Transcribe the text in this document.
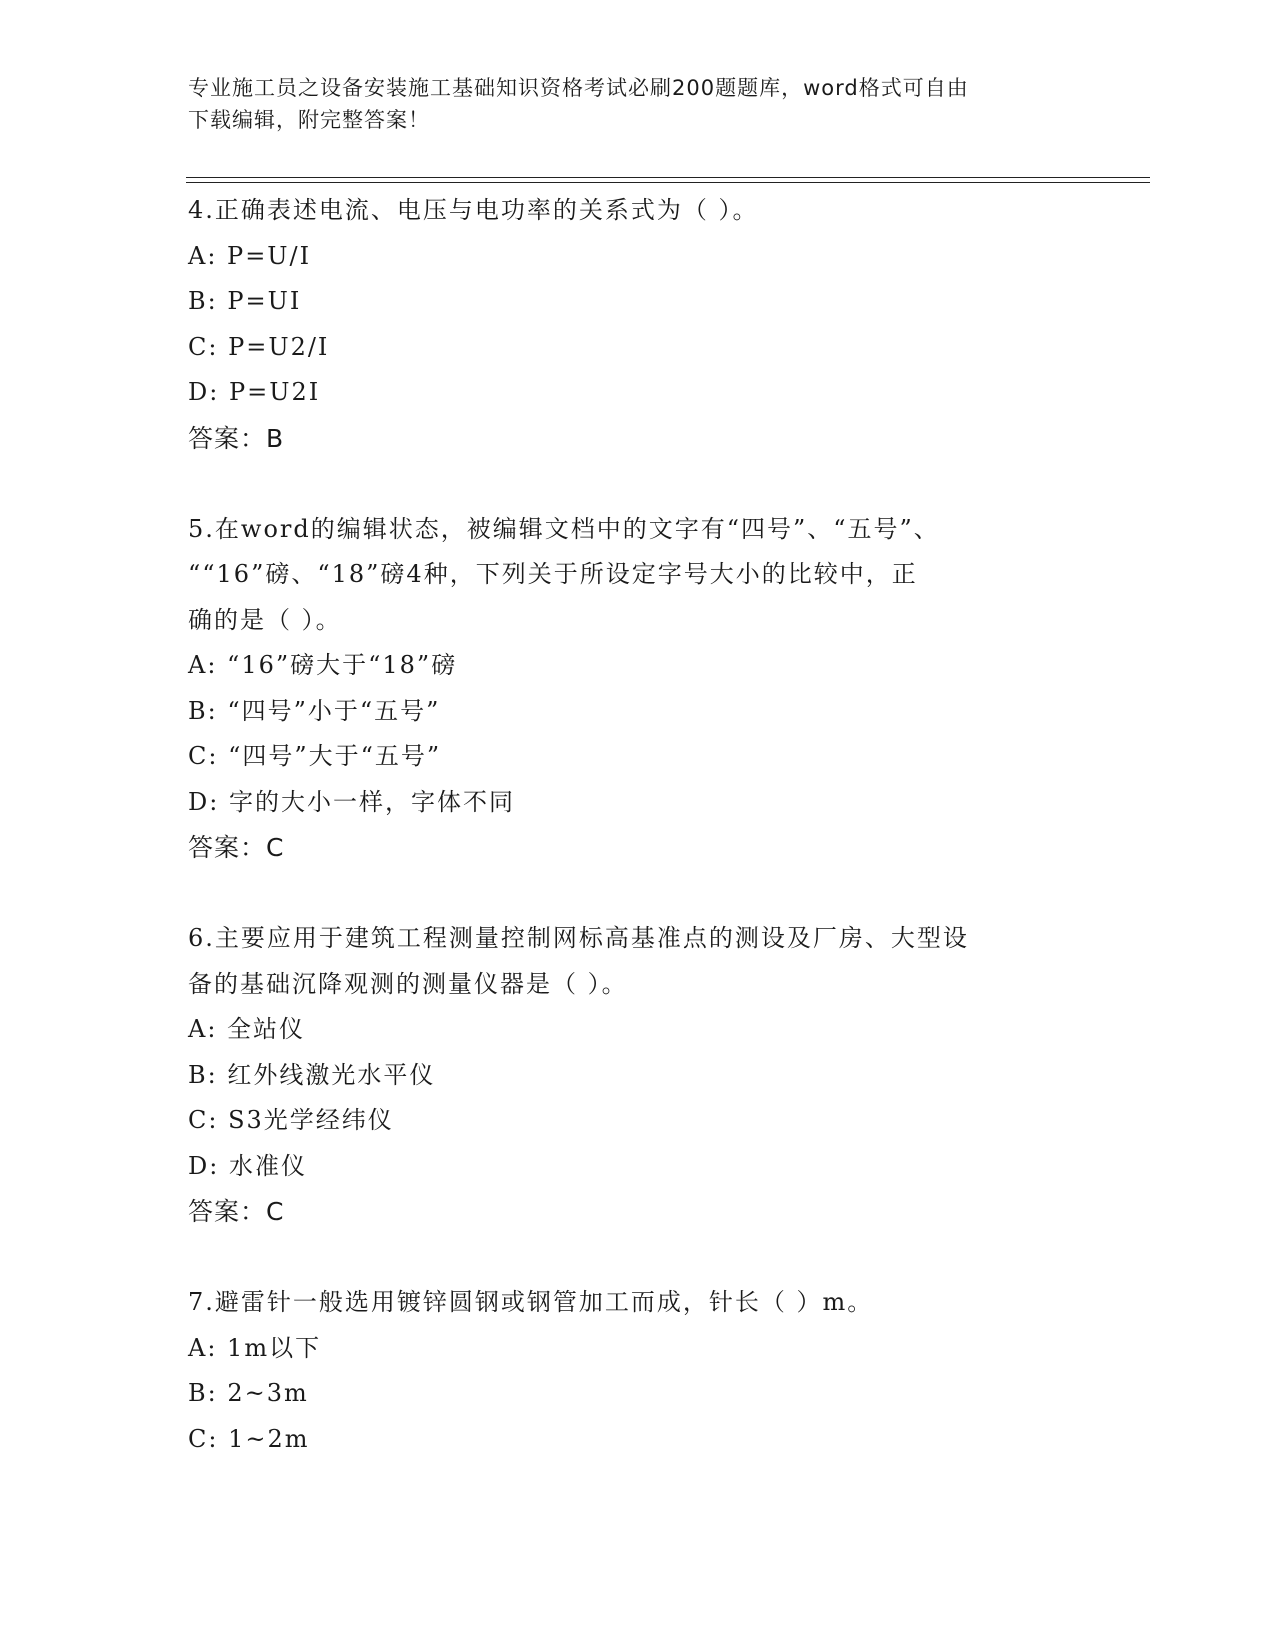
专业施工员之设备安装施工基础知识资格考试必刷200题题库，word格式可自由
下载编辑，附完整答案！
4.正确表述电流、电压与电功率的关系式为（ ）。
A: P=U/I
B: P=UI
C: P=U2/I
D: P=U2I
答案：B
5.在word的编辑状态，被编辑文档中的文字有“四号”、“五号”、
““16”磅、“18”磅4种，下列关于所设定字号大小的比较中，正
确的是（ ）。
A: “16”磅大于“18”磅
B: “四号”小于“五号”
C: “四号”大于“五号”
D: 字的大小一样，字体不同
答案：C
6.主要应用于建筑工程测量控制网标高基准点的测设及厂房、大型设
备的基础沉降观测的测量仪器是（ ）。
A: 全站仪
B: 红外线激光水平仪
C: S3光学经纬仪
D: 水准仪
答案：C
7.避雷针一般选用镀锌圆钢或钢管加工而成，针长（ ）m。
A: 1m以下
B: 2~3m
C: 1~2m
